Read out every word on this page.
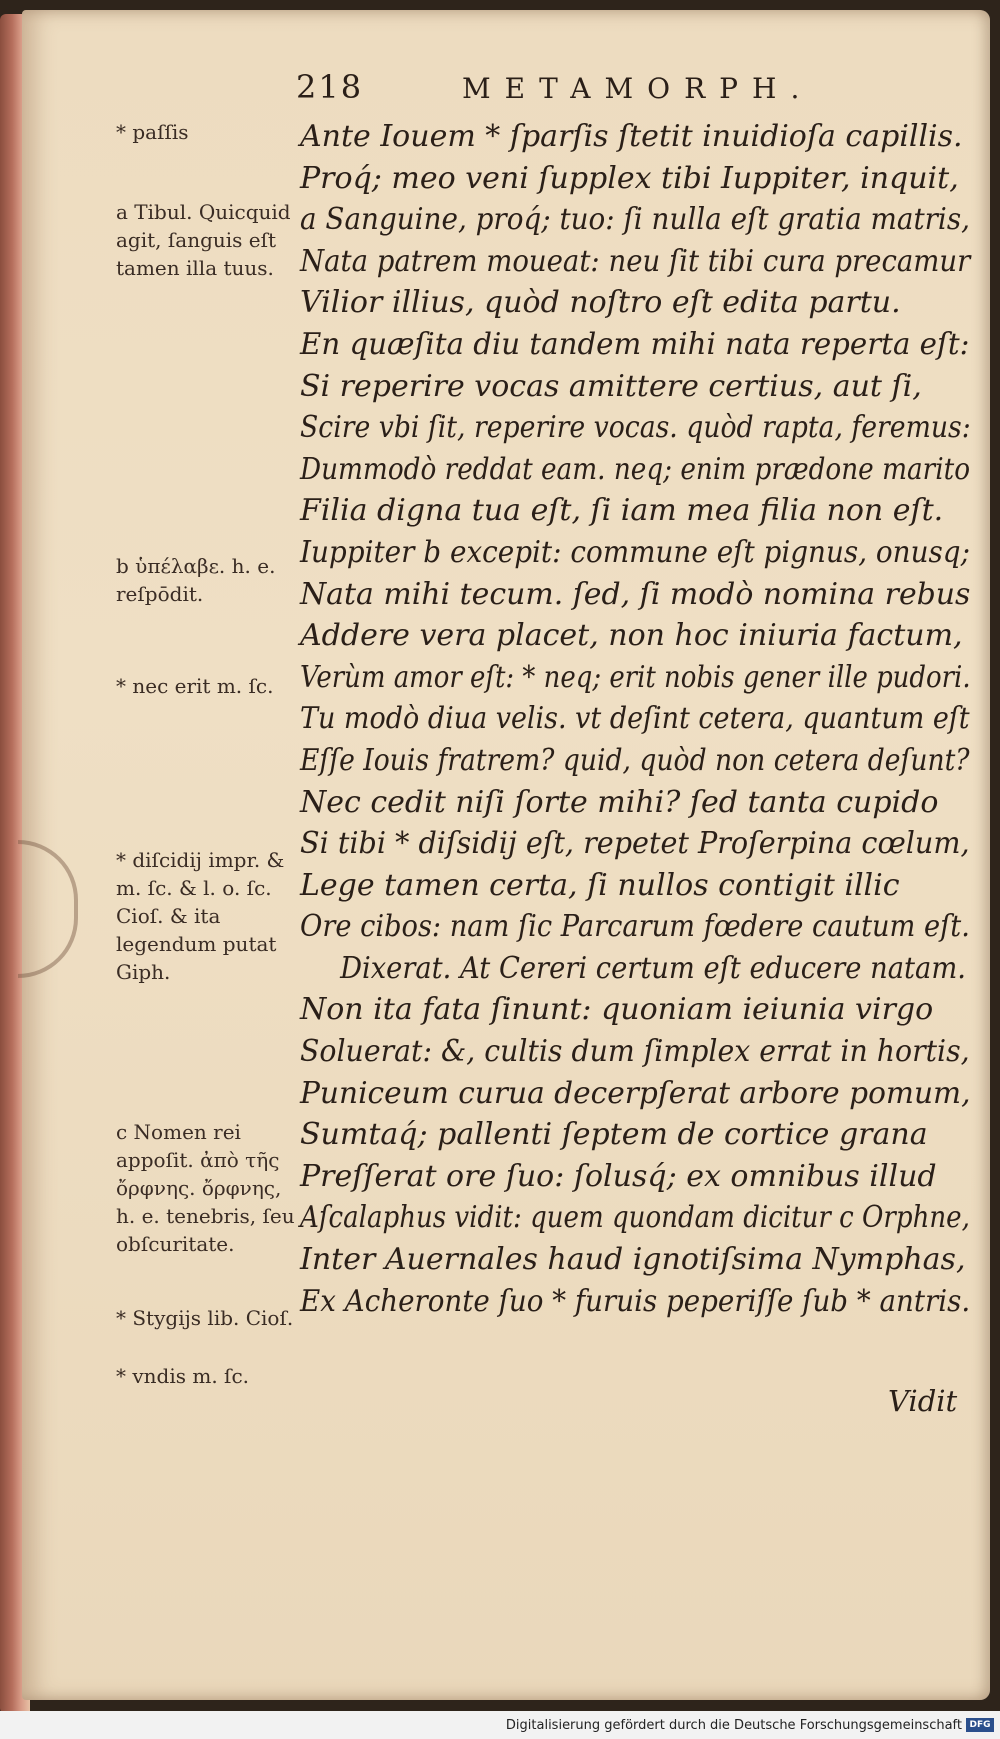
218	METAMORPH.
Ante Iouem * ſparſis ſtetit inuidioſa capillis.
Proq́; meo veni ſupplex tibi Iuppiter, inquit,
a Sanguine, proq́; tuo: ſi nulla eſt gratia matris,
Nata patrem moueat: neu ſit tibi cura precamur
Vilior illius, quòd noſtro eſt edita partu.
En quæſita diu tandem mihi nata reperta eſt:
Si reperire vocas amittere certius, aut ſi,
Scire vbi ſit, reperire vocas. quòd rapta, feremus:
Dummodò reddat eam. neq; enim prædone marito
Filia digna tua eſt, ſi iam mea filia non eſt.
Iuppiter b excepit: commune eſt pignus, onusq;
Nata mihi tecum. ſed, ſi modò nomina rebus
Addere vera placet, non hoc iniuria factum,
Verùm amor eſt: * neq; erit nobis gener ille pudori.
Tu modò diua velis. vt deſint cetera, quantum eſt
Eſſe Iouis fratrem? quid, quòd non cetera deſunt?
Nec cedit niſi ſorte mihi? ſed tanta cupido
Si tibi * diſsidij eſt, repetet Proſerpina cœlum,
Lege tamen certa, ſi nullos contigit illic
Ore cibos: nam ſic Parcarum fœdere cautum eſt.
Dixerat. At Cereri certum eſt educere natam.
Non ita fata ſinunt: quoniam ieiunia virgo
Soluerat: &, cultis dum ſimplex errat in hortis,
Puniceum curua decerpſerat arbore pomum,
Sumtaq́; pallenti ſeptem de cortice grana
Preſſerat ore ſuo: ſolusq́; ex omnibus illud
Aſcalaphus vidit: quem quondam dicitur c Orphne,
Inter Auernales haud ignotiſsima Nymphas,
Ex Acheronte ſuo * furuis peperiſſe ſub * antris.
Vidit
* paſſis
a Tibul. Quicquid agit, ſanguis eſt tamen illa tuus.
b ὑπέλαβε. h. e. reſpōdit.
* nec erit m. ſc.
* diſcidij impr. & m. ſc. & l. o. ſc. Cioſ. & ita legendum putat Giph.
c Nomen rei appoſit. ἀπὸ τῆς ὄρφνης. ὄρφνης, h. e. tenebris, ſeu obſcuritate.
* Stygijs lib. Cioſ.
* vndis m. ſc.
Digitalisierung gefördert durch die Deutsche Forschungsgemeinschaft DFG
